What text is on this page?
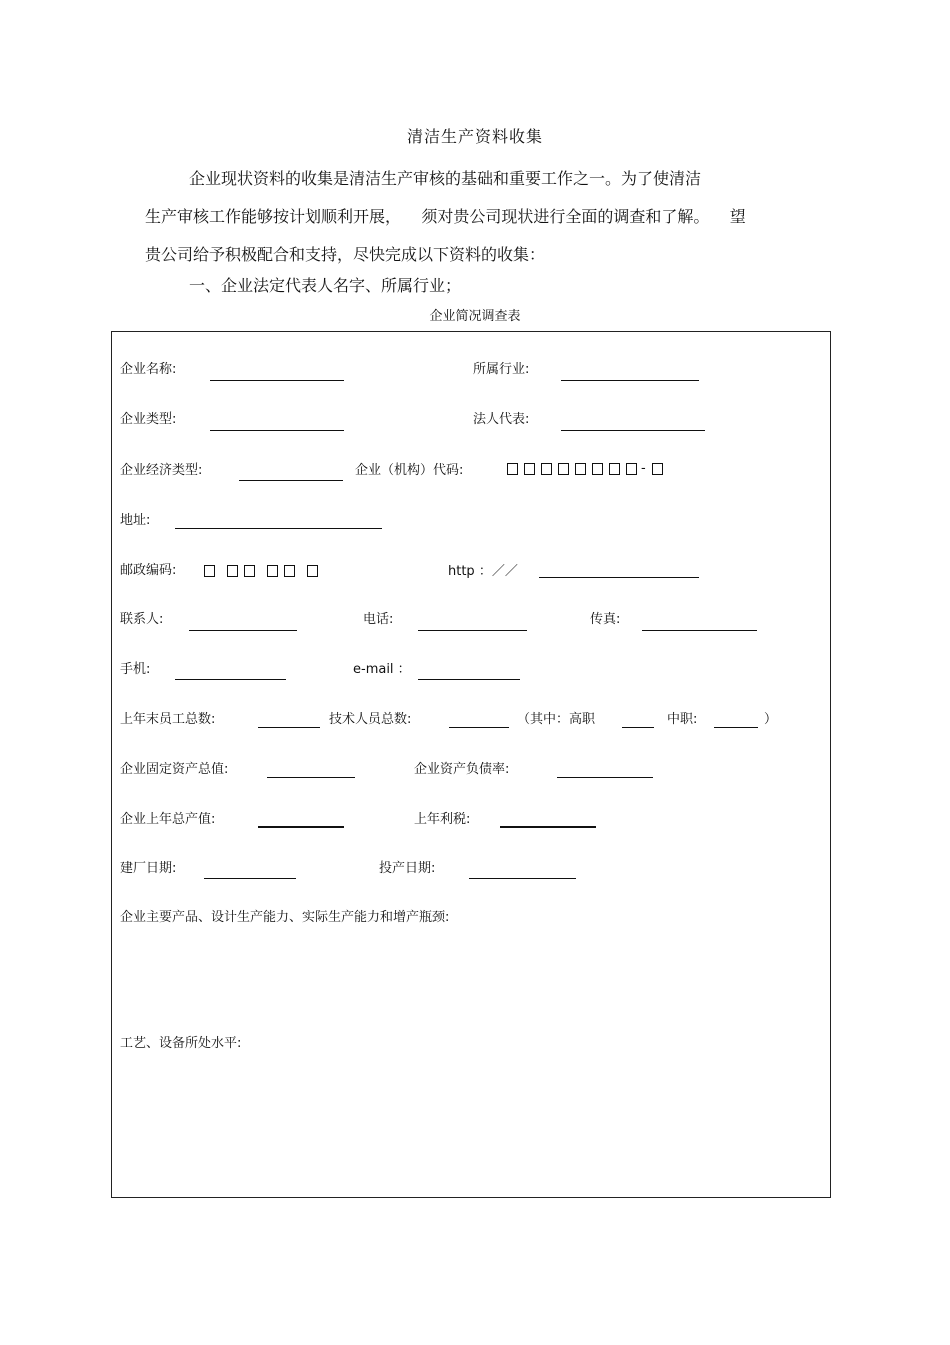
清洁生产资料收集
企业现状资料的收集是清洁生产审核的基础和重要工作之一。为了使清洁
生产审核工作能够按计划顺利开展，    须对贵公司现状进行全面的调查和了解。    望
贵公司给予积极配合和支持，尽快完成以下资料的收集：
一、企业法定代表人名字、所属行业；
企业简况调查表
企业名称:	所属行业:
企业类型:	法人代表:
企业经济类型:	企业（机构）代码:	-
地址:
邮政编码:	http ：／／
联系人:	电话:	传真:
手机:	e-mail ：
上年末员工总数:	技术人员总数:	（其中：高职	中职:	）
企业固定资产总值:	企业资产负债率:
企业上年总产值:	上年利税:
建厂日期:	投产日期:
企业主要产品、设计生产能力、实际生产能力和增产瓶颈:
工艺、设备所处水平:
